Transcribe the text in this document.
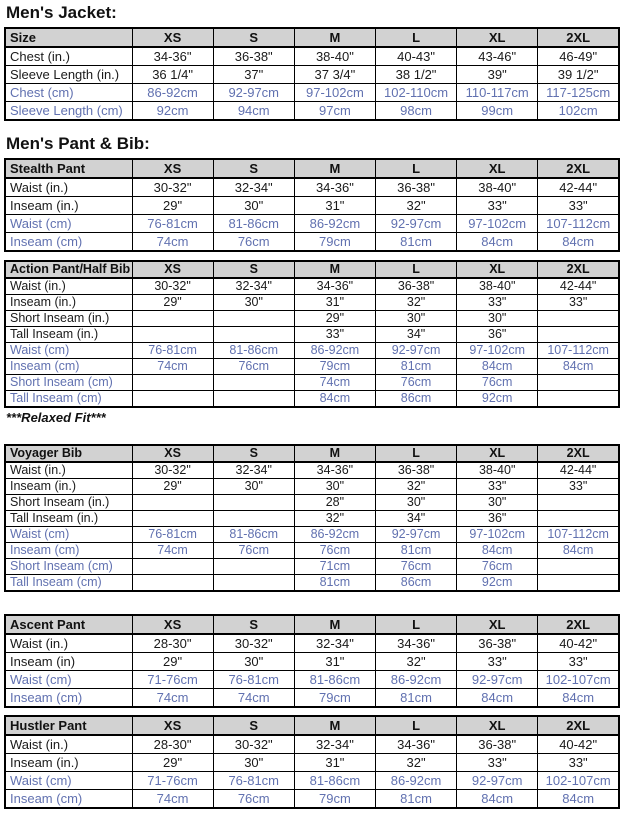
Men's Jacket:
Size	XS	S	M	L	XL	2XL
Chest (in.)	34-36"	36-38"	38-40"	40-43"	43-46"	46-49"
Sleeve Length (in.)	36 1/4"	37"	37 3/4"	38 1/2"	39"	39 1/2"
Chest (cm)	86-92cm	92-97cm	97-102cm	102-110cm	110-117cm	117-125cm
Sleeve Length (cm)	92cm	94cm	97cm	98cm	99cm	102cm
Men's Pant & Bib:
Stealth Pant	XS	S	M	L	XL	2XL
Waist (in.)	30-32"	32-34"	34-36"	36-38"	38-40"	42-44"
Inseam (in.)	29"	30"	31"	32"	33"	33"
Waist (cm)	76-81cm	81-86cm	86-92cm	92-97cm	97-102cm	107-112cm
Inseam (cm)	74cm	76cm	79cm	81cm	84cm	84cm
Action Pant/Half Bib	XS	S	M	L	XL	2XL
Waist (in.)	30-32"	32-34"	34-36"	36-38"	38-40"	42-44"
Inseam (in.)	29"	30"	31"	32"	33"	33"
Short Inseam (in.)			29"	30"	30"	
Tall Inseam (in.)			33"	34"	36"	
Waist (cm)	76-81cm	81-86cm	86-92cm	92-97cm	97-102cm	107-112cm
Inseam (cm)	74cm	76cm	79cm	81cm	84cm	84cm
Short Inseam (cm)			74cm	76cm	76cm	
Tall Inseam (cm)			84cm	86cm	92cm	
***Relaxed Fit***
Voyager Bib	XS	S	M	L	XL	2XL
Waist (in.)	30-32"	32-34"	34-36"	36-38"	38-40"	42-44"
Inseam (in.)	29"	30"	30"	32"	33"	33"
Short Inseam (in.)			28"	30"	30"	
Tall Inseam (in.)			32"	34"	36"	
Waist (cm)	76-81cm	81-86cm	86-92cm	92-97cm	97-102cm	107-112cm
Inseam (cm)	74cm	76cm	76cm	81cm	84cm	84cm
Short Inseam (cm)			71cm	76cm	76cm	
Tall Inseam (cm)			81cm	86cm	92cm	
Ascent Pant	XS	S	M	L	XL	2XL
Waist (in.)	28-30"	30-32"	32-34"	34-36"	36-38"	40-42"
Inseam (in)	29"	30"	31"	32"	33"	33"
Waist (cm)	71-76cm	76-81cm	81-86cm	86-92cm	92-97cm	102-107cm
Inseam (cm)	74cm	74cm	79cm	81cm	84cm	84cm
Hustler Pant	XS	S	M	L	XL	2XL
Waist (in.)	28-30"	30-32"	32-34"	34-36"	36-38"	40-42"
Inseam (in.)	29"	30"	31"	32"	33"	33"
Waist (cm)	71-76cm	76-81cm	81-86cm	86-92cm	92-97cm	102-107cm
Inseam (cm)	74cm	76cm	79cm	81cm	84cm	84cm
